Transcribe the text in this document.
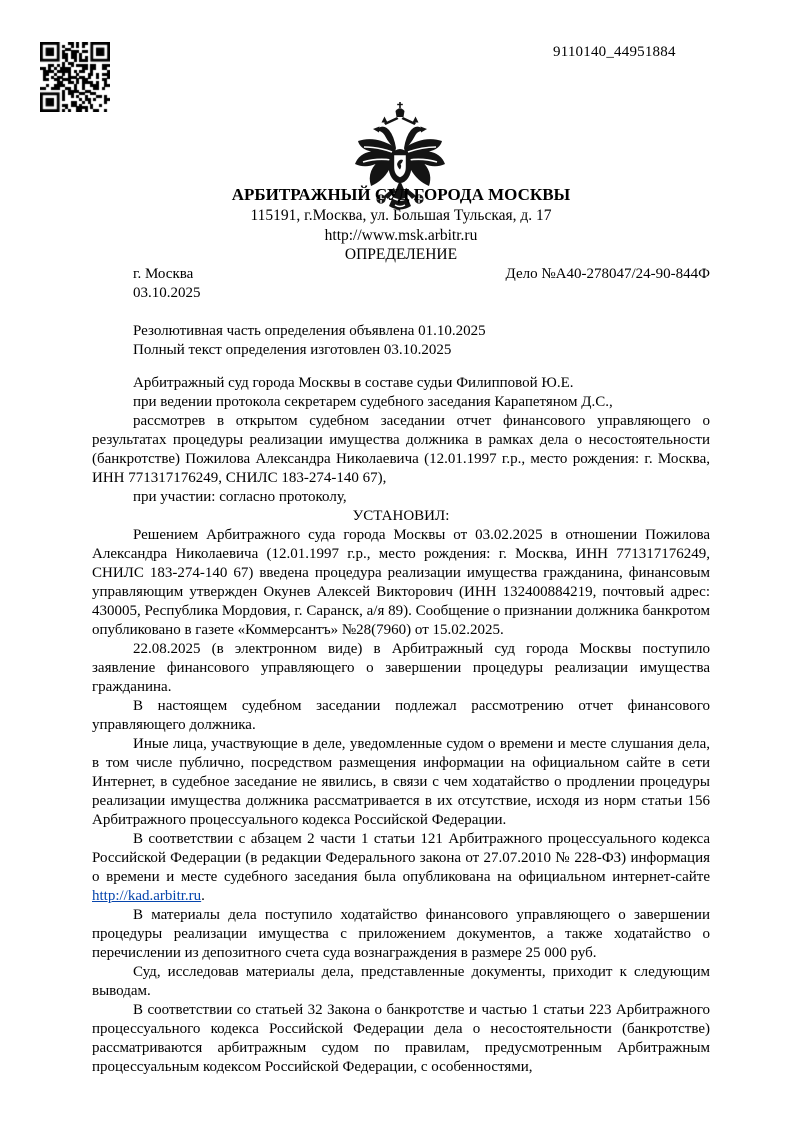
9110140_44951884
АРБИТРАЖНЫЙ СУД ГОРОДА МОСКВЫ
115191, г.Москва, ул. Большая Тульская, д. 17
http://www.msk.arbitr.ru
ОПРЕДЕЛЕНИЕ
г. Москва	Дело №А40-278047/24-90-844Ф
03.10.2025

Резолютивная часть определения объявлена 01.10.2025

Полный текст определения изготовлен 03.10.2025

Арбитражный суд города Москвы в составе судьи Филипповой Ю.Е.

при ведении протокола секретарем судебного заседания Карапетяном Д.С.,

рассмотрев в открытом судебном заседании отчет финансового управляющего о результатах процедуры реализации имущества должника в рамках дела о несостоятельности (банкротстве) Пожилова Александра Николаевича (12.01.1997 г.р., место рождения: г. Москва, ИНН 771317176249, СНИЛС 183-274-140 67),

при участии: согласно протоколу,

УСТАНОВИЛ:

Решением Арбитражного суда города Москвы от 03.02.2025 в отношении Пожилова Александра Николаевича (12.01.1997 г.р., место рождения: г. Москва, ИНН 771317176249, СНИЛС 183-274-140 67) введена процедура реализации имущества гражданина, финансовым управляющим утвержден Окунев Алексей Викторович (ИНН 132400884219, почтовый адрес: 430005, Республика Мордовия, г. Саранск, а/я 89). Сообщение о признании должника банкротом опубликовано в газете «Коммерсантъ» №28(7960) от 15.02.2025.

22.08.2025 (в электронном виде) в Арбитражный суд города Москвы поступило заявление финансового управляющего о завершении процедуры реализации имущества гражданина.

В настоящем судебном заседании подлежал рассмотрению отчет финансового управляющего должника.

Иные лица, участвующие в деле, уведомленные судом о времени и месте слушания дела, в том числе публично, посредством размещения информации на официальном сайте в сети Интернет, в судебное заседание не явились, в связи с чем ходатайство о продлении процедуры реализации имущества должника рассматривается в их отсутствие, исходя из норм статьи 156 Арбитражного процессуального кодекса Российской Федерации.

В соответствии с абзацем 2 части 1 статьи 121 Арбитражного процессуального кодекса Российской Федерации (в редакции Федерального закона от 27.07.2010 № 228-ФЗ) информация о времени и месте судебного заседания была опубликована на официальном интернет-сайте http://kad.arbitr.ru.

В материалы дела поступило ходатайство финансового управляющего о завершении процедуры реализации имущества с приложением документов, а также ходатайство о перечислении из депозитного счета суда вознаграждения в размере 25 000 руб.

Суд, исследовав материалы дела, представленные документы, приходит к следующим выводам.

В соответствии со статьей 32 Закона о банкротстве и частью 1 статьи 223 Арбитражного процессуального кодекса Российской Федерации дела о несостоятельности (банкротстве) рассматриваются арбитражным судом по правилам, предусмотренным Арбитражным процессуальным кодексом Российской Федерации, с особенностями,
